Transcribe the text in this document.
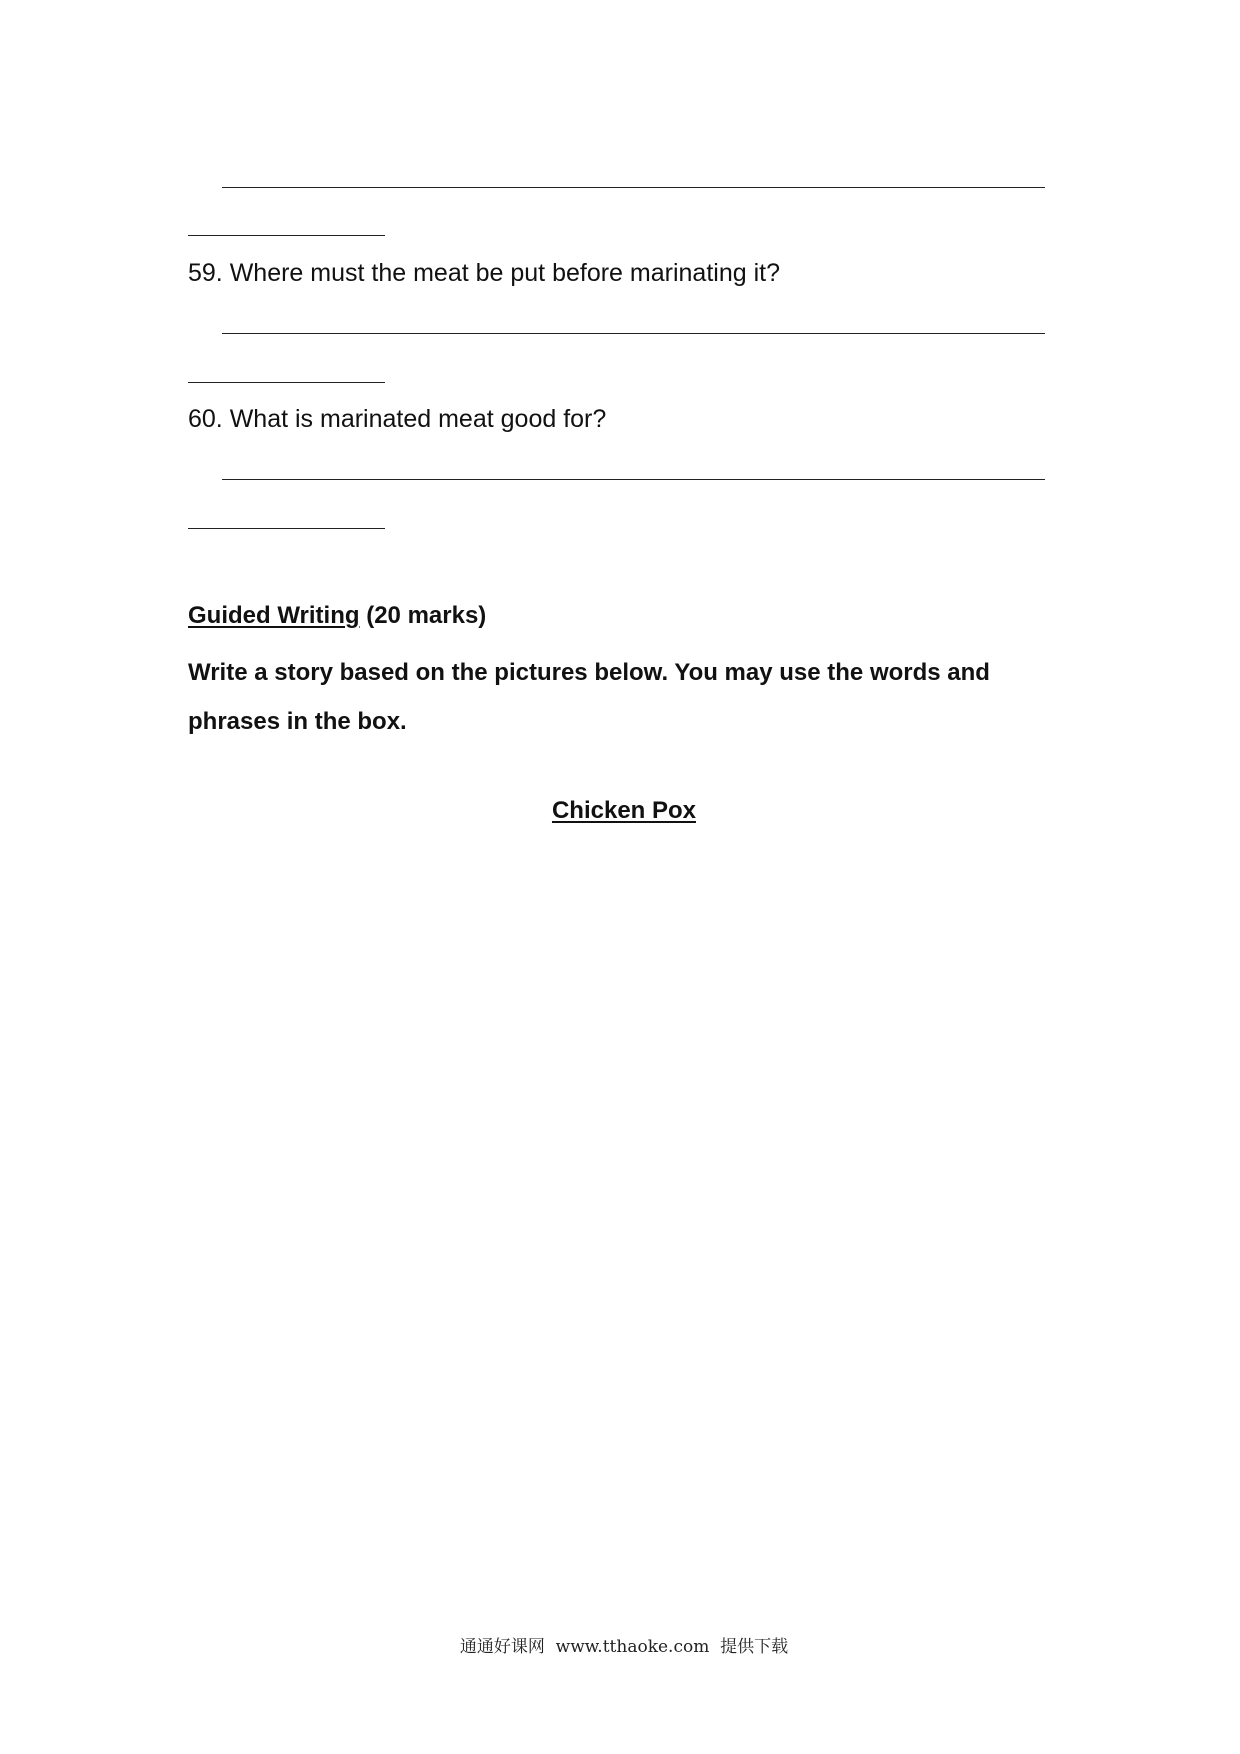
59. Where must the meat be put before marinating it?
60. What is marinated meat good for?
Guided Writing (20 marks)
Write a story based on the pictures below. You may use the words and phrases in the box.
Chicken Pox
通通好课网  www.tthaoke.com  提供下载
